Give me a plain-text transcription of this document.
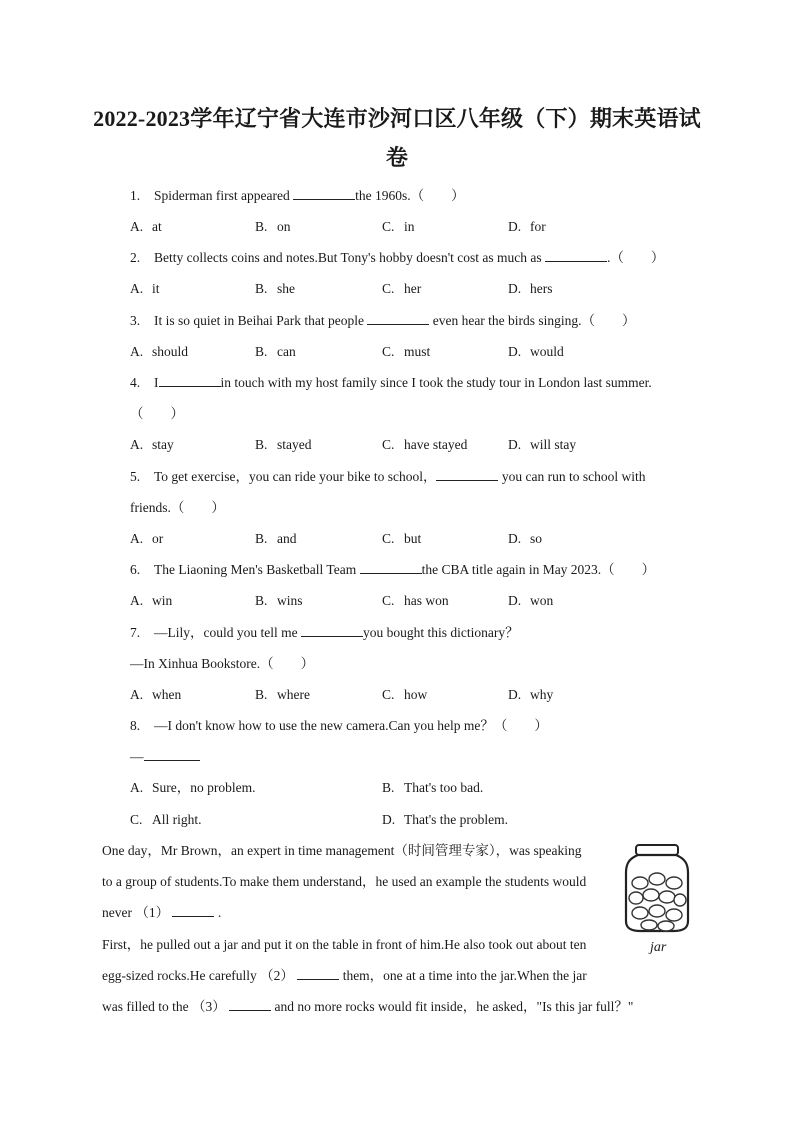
2022-2023学年辽宁省大连市沙河口区八年级（下）期末英语试
卷
1. Spiderman first appeared	the 1960s.（　　）
A. at	B. on	C. in	D. for
2. Betty collects coins and notes.But Tony's hobby doesn't cost as much as	.（　　）
A. it	B. she	C. her	D. hers
3. It is so quiet in Beihai Park that people	even hear the birds singing.（　　）
A. should	B. can	C. must	D. would
4. I	in touch with my host family since I took the study tour in London last summer.
（　　）
A. stay	B. stayed	C. have stayed	D. will stay
5. To get exercise，you can ride your bike to school，	you can run to school with
friends.（　　）
A. or	B. and	C. but	D. so
6. The Liaoning Men's Basketball Team	the CBA title again in May 2023.（　　）
A. win	B. wins	C. has won	D. won
7. —Lily，could you tell me	you bought this dictionary？
—In Xinhua Bookstore.（　　）
A. when	B. where	C. how	D. why
8. —I don't know how to use the new camera.Can you help me？（　　）
—
A. Sure，no problem.	B. That's too bad.
C. All right.	D. That's the problem.
One day，Mr Brown，an expert in time management（时间管理专家），was speaking
to a group of students.To make them understand，he used an example the students would
never （1）	.
First，he pulled out a jar and put it on the table in front of him.He also took out about ten
egg-sized rocks.He carefully （2）	them，one at a time into the jar.When the jar
was filled to the （3）	and no more rocks would fit inside，he asked，"Is this jar full？"
jar
